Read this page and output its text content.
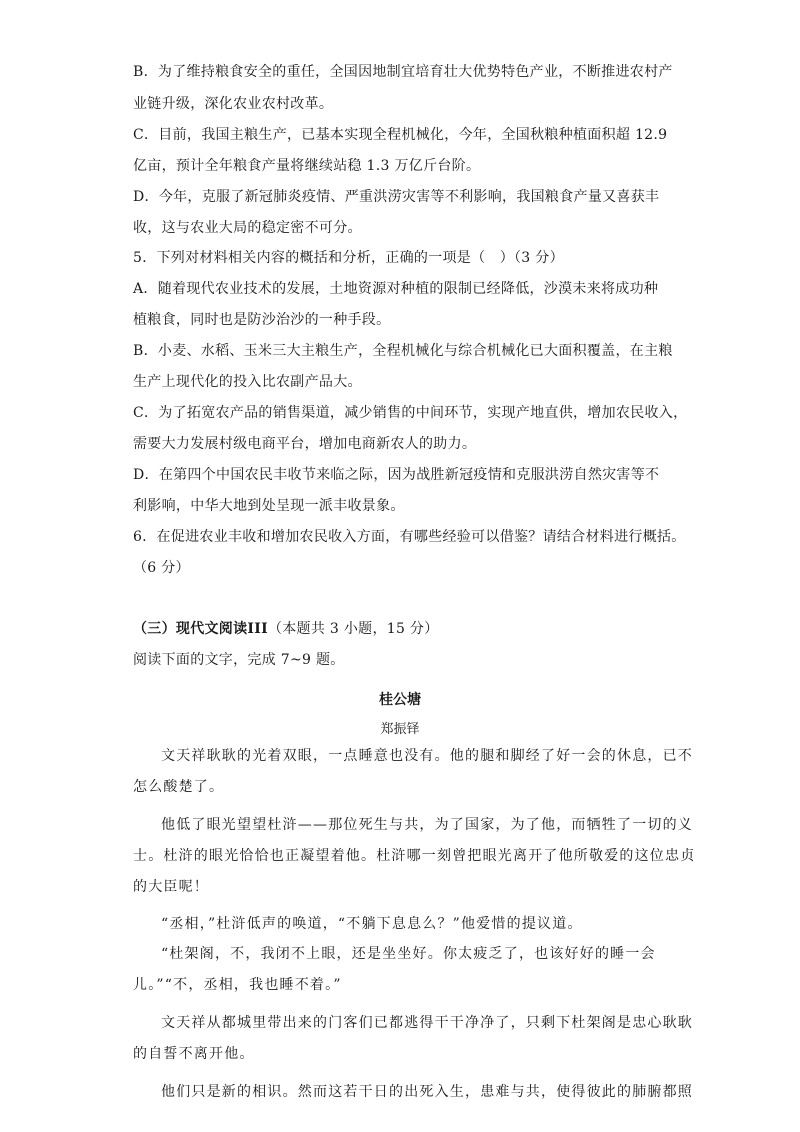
B．为了维持粮食安全的重任，全国因地制宜培育壮大优势特色产业，不断推进农村产
业链升级，深化农业农村改革。
C．目前，我国主粮生产，已基本实现全程机械化，今年，全国秋粮种植面积超 12.9
亿亩，预计全年粮食产量将继续站稳 1.3 万亿斤台阶。
D．今年，克服了新冠肺炎疫情、严重洪涝灾害等不利影响，我国粮食产量又喜获丰
收，这与农业大局的稳定密不可分。
5．下列对材料相关内容的概括和分析，正确的一项是（　）（3 分）
A．随着现代农业技术的发展，土地资源对种植的限制已经降低，沙漠未来将成功种
植粮食，同时也是防沙治沙的一种手段。
B．小麦、水稻、玉米三大主粮生产，全程机械化与综合机械化已大面积覆盖，在主粮
生产上现代化的投入比农副产品大。
C．为了拓宽农产品的销售渠道，减少销售的中间环节，实现产地直供，增加农民收入，
需要大力发展村级电商平台，增加电商新农人的助力。
D．在第四个中国农民丰收节来临之际，因为战胜新冠疫情和克服洪涝自然灾害等不
利影响，中华大地到处呈现一派丰收景象。
6．在促进农业丰收和增加农民收入方面，有哪些经验可以借鉴？请结合材料进行概括。
（6 分）
（三）现代文阅读III（本题共 3 小题，15 分）
阅读下面的文字，完成 7~9 题。
桂公塘
郑振铎
文天祥耿耿的光着双眼，一点睡意也没有。他的腿和脚经了好一会的休息，已不
怎么酸楚了。
他低了眼光望望杜浒——那位死生与共，为了国家，为了他，而牺牲了一切的义
士。杜浒的眼光恰恰也正凝望着他。杜浒哪一刻曾把眼光离开了他所敬爱的这位忠贞
的大臣呢！
“丞相，”杜浒低声的唤道，“不躺下息息么？”他爱惜的提议道。
“杜架阁，不，我闭不上眼，还是坐坐好。你太疲乏了，也该好好的睡一会
儿。”“不，丞相，我也睡不着。”
文天祥从都城里带出来的门客们已都逃得干干净净了，只剩下杜架阁是忠心耿耿
的自誓不离开他。
他们只是新的相识。然而这若干日的出死入生，患难与共，使得彼此的肺腑都照
